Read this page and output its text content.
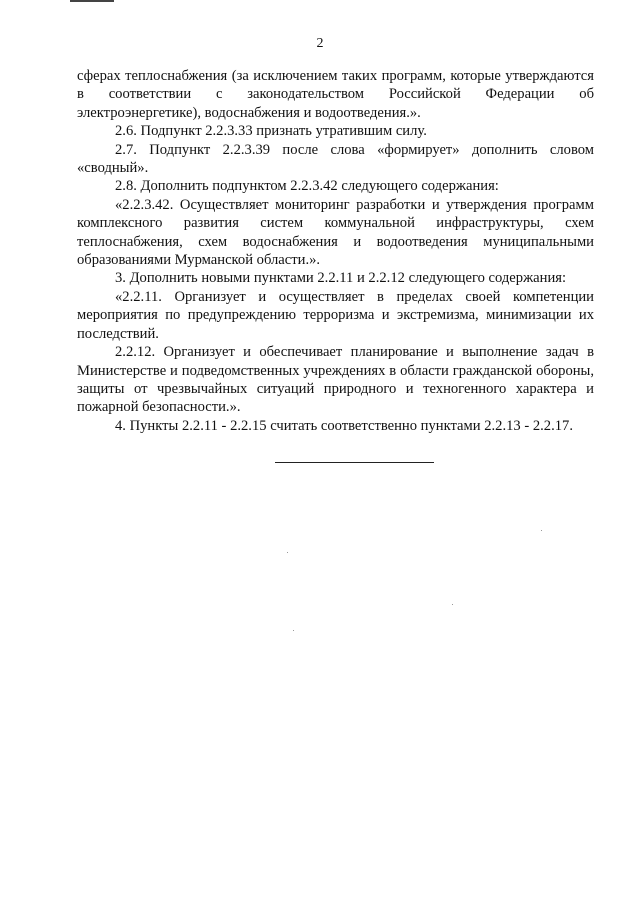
2

сферах теплоснабжения (за исключением таких программ, которые утверждаются в соответствии с законодательством Российской Федерации об электроэнергетике), водоснабжения и водоотведения.».

2.6. Подпункт 2.2.3.33 признать утратившим силу.

2.7. Подпункт 2.2.3.39 после слова «формирует» дополнить словом «сводный».

2.8. Дополнить подпунктом 2.2.3.42 следующего содержания:

«2.2.3.42. Осуществляет мониторинг разработки и утверждения программ комплексного развития систем коммунальной инфраструктуры, схем теплоснабжения, схем водоснабжения и водоотведения муниципальными образованиями Мурманской области.».

3. Дополнить новыми пунктами 2.2.11 и 2.2.12 следующего содержания:

«2.2.11. Организует и осуществляет в пределах своей компетенции мероприятия по предупреждению терроризма и экстремизма, минимизации их последствий.

2.2.12. Организует и обеспечивает планирование и выполнение задач в Министерстве и подведомственных учреждениях в области гражданской обороны, защиты от чрезвычайных ситуаций природного и техногенного характера и пожарной безопасности.».

4. Пункты 2.2.11 - 2.2.15 считать соответственно пунктами 2.2.13 - 2.2.17.
